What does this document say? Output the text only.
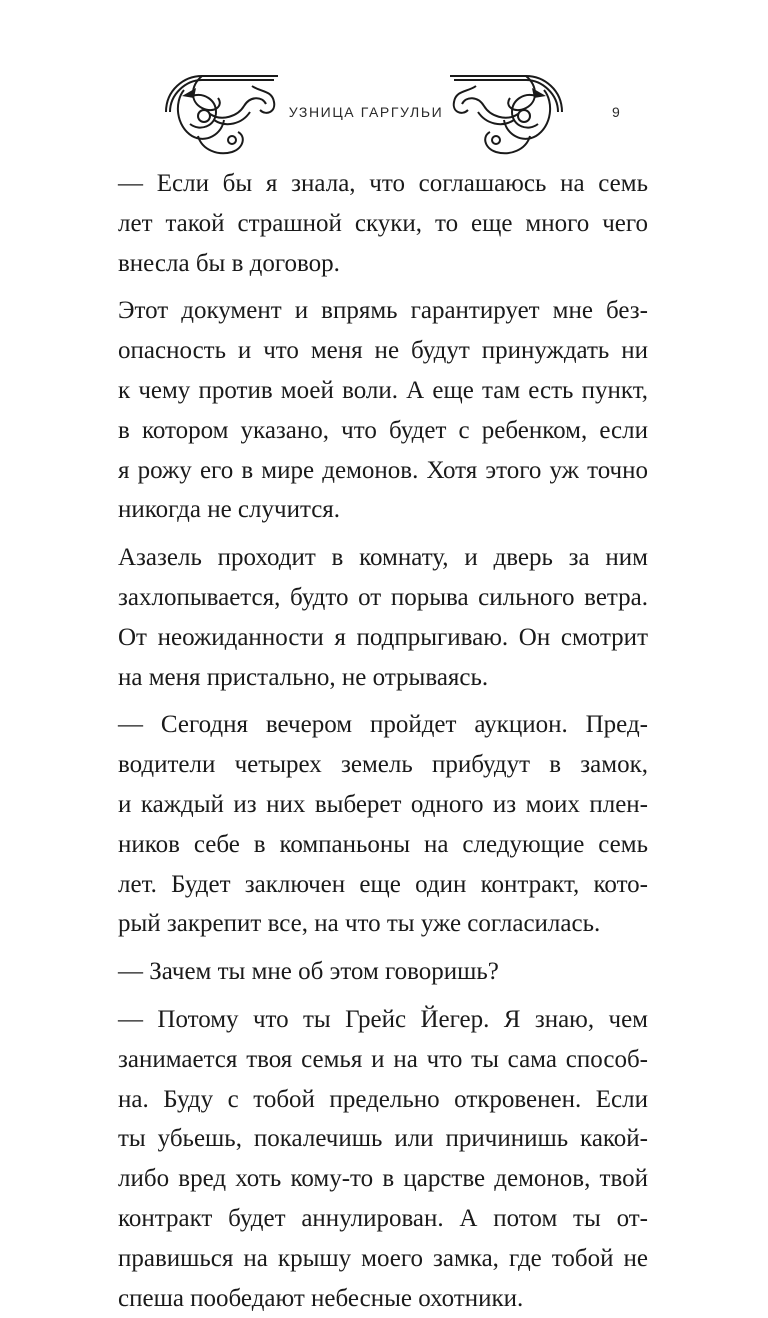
УЗНИЦА ГАРГУЛЬИ	9
— Если бы я знала, что соглашаюсь на семь
лет такой страшной скуки, то еще много чего
внесла бы в договор.
Этот документ и впрямь гарантирует мне без-
опасность и что меня не будут принуждать ни
к чему против моей воли. А еще там есть пункт,
в котором указано, что будет с ребенком, если
я рожу его в мире демонов. Хотя этого уж точно
никогда не случится.
Азазель проходит в комнату, и дверь за ним
захлопывается, будто от порыва сильного ветра.
От неожиданности я подпрыгиваю. Он смотрит
на меня пристально, не отрываясь.
— Сегодня вечером пройдет аукцион. Пред-
водители четырех земель прибудут в замок,
и каждый из них выберет одного из моих плен-
ников себе в компаньоны на следующие семь
лет. Будет заключен еще один контракт, кото-
рый закрепит все, на что ты уже согласилась.
— Зачем ты мне об этом говоришь?
— Потому что ты Грейс Йегер. Я знаю, чем
занимается твоя семья и на что ты сама способ-
на. Буду с тобой предельно откровенен. Если
ты убьешь, покалечишь или причинишь какой-
либо вред хоть кому-то в царстве демонов, твой
контракт будет аннулирован. А потом ты от-
правишься на крышу моего замка, где тобой не
спеша пообедают небесные охотники.
